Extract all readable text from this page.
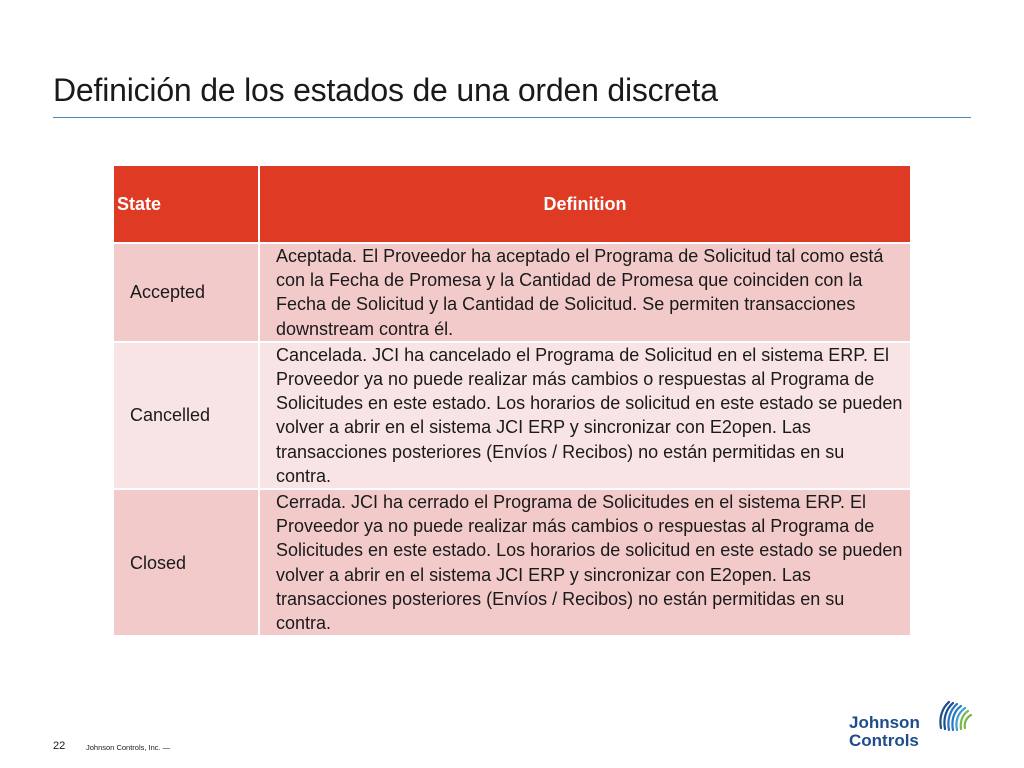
Definición de los estados de una orden discreta
State	Definition
Accepted	Aceptada. El Proveedor ha aceptado el Programa de Solicitud tal como está con la Fecha de Promesa y la Cantidad de Promesa que coinciden con la Fecha de Solicitud y la Cantidad de Solicitud. Se permiten transacciones downstream contra él.
Cancelled	Cancelada. JCI ha cancelado el Programa de Solicitud en el sistema ERP. El Proveedor ya no puede realizar más cambios o respuestas al Programa de Solicitudes en este estado. Los horarios de solicitud en este estado se pueden volver a abrir en el sistema JCI ERP y sincronizar con E2open. Las transacciones posteriores (Envíos / Recibos) no están permitidas en su contra.
Closed	Cerrada. JCI ha cerrado el Programa de Solicitudes en el sistema ERP. El Proveedor ya no puede realizar más cambios o respuestas al Programa de Solicitudes en este estado. Los horarios de solicitud en este estado se pueden volver a abrir en el sistema JCI ERP y sincronizar con E2open. Las transacciones posteriores (Envíos / Recibos) no están permitidas en su contra.
22	Johnson Controls, Inc. —
Johnson
Controls
